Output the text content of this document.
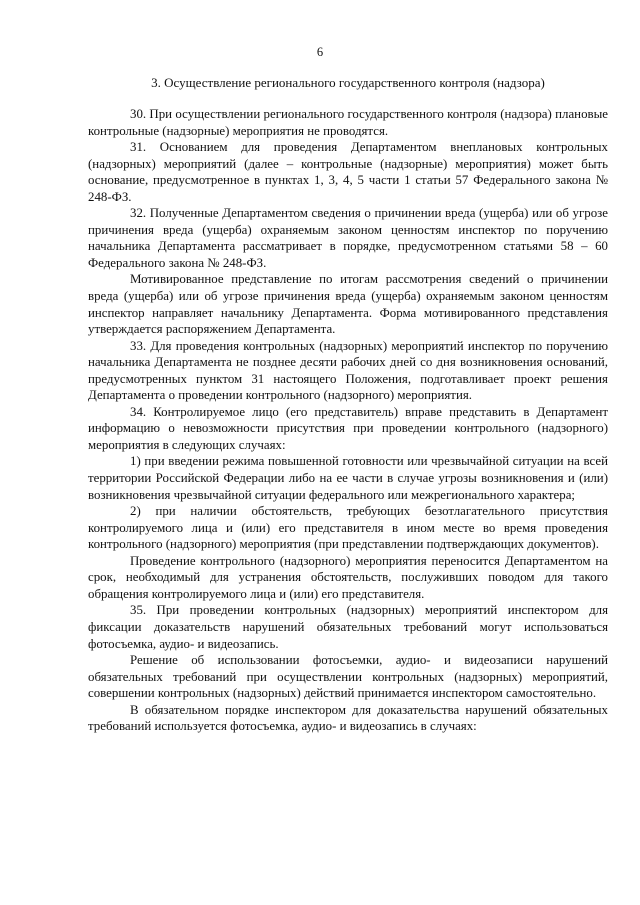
6
3. Осуществление регионального государственного контроля (надзора)

30. При осуществлении регионального государственного контроля (надзора) плановые контрольные (надзорные) мероприятия не проводятся.

31. Основанием для проведения Департаментом внеплановых контрольных (надзорных) мероприятий (далее – контрольные (надзорные) мероприятия) может быть основание, предусмотренное в пунктах 1, 3, 4, 5 части 1 статьи 57 Федерального закона № 248-ФЗ.

32. Полученные Департаментом сведения о причинении вреда (ущерба) или об угрозе причинения вреда (ущерба) охраняемым законом ценностям инспектор по поручению начальника Департамента рассматривает в порядке, предусмотренном статьями 58 – 60 Федерального закона № 248-ФЗ.

Мотивированное представление по итогам рассмотрения сведений о причинении вреда (ущерба) или об угрозе причинения вреда (ущерба) охраняемым законом ценностям инспектор направляет начальнику Департамента. Форма мотивированного представления утверждается распоряжением Департамента.

33. Для проведения контрольных (надзорных) мероприятий инспектор по поручению начальника Департамента не позднее десяти рабочих дней со дня возникновения оснований, предусмотренных пунктом 31 настоящего Положения, подготавливает проект решения Департамента о проведении контрольного (надзорного) мероприятия.

34. Контролируемое лицо (его представитель) вправе представить в Департамент информацию о невозможности присутствия при проведении контрольного (надзорного) мероприятия в следующих случаях:

1) при введении режима повышенной готовности или чрезвычайной ситуации на всей территории Российской Федерации либо на ее части в случае угрозы возникновения и (или) возникновения чрезвычайной ситуации федерального или межрегионального характера;

2) при наличии обстоятельств, требующих безотлагательного присутствия контролируемого лица и (или) его представителя в ином месте во время проведения контрольного (надзорного) мероприятия (при представлении подтверждающих документов).

Проведение контрольного (надзорного) мероприятия переносится Департаментом на срок, необходимый для устранения обстоятельств, послуживших поводом для такого обращения контролируемого лица и (или) его представителя.

35. При проведении контрольных (надзорных) мероприятий инспектором для фиксации доказательств нарушений обязательных требований могут использоваться фотосъемка, аудио- и видеозапись.

Решение об использовании фотосъемки, аудио- и видеозаписи нарушений обязательных требований при осуществлении контрольных (надзорных) мероприятий, совершении контрольных (надзорных) действий принимается инспектором самостоятельно.

В обязательном порядке инспектором для доказательства нарушений обязательных требований используется фотосъемка, аудио- и видеозапись в случаях:
